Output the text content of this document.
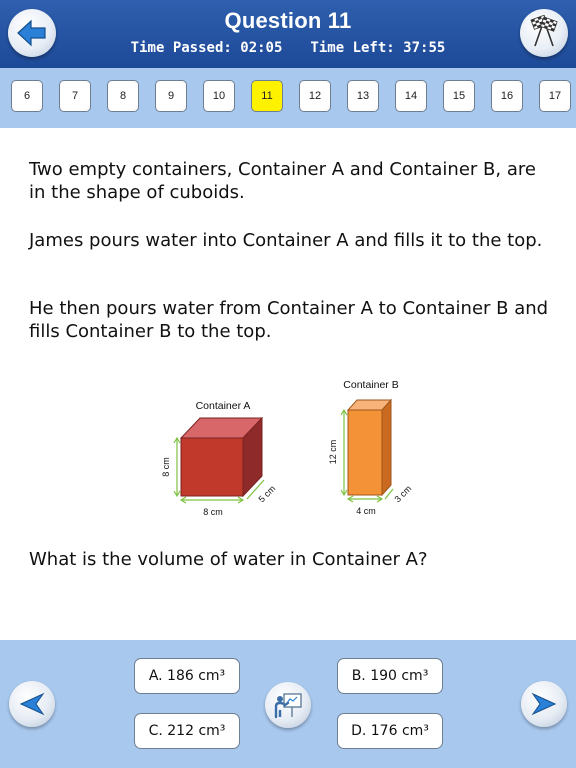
Question 11
Time Passed: 02:05 Time Left: 37:55
6	7	8	9	10	11	12	13	14	15	16	17
Two empty containers, Container A and Container B, are in the shape of cuboids.
James pours water into Container A and fills it to the top.
He then pours water from Container A to Container B and fills Container B to the top.
Container A
8 cm
8 cm
5 cm
Container B
12 cm
4 cm
3 cm
What is the volume of water in Container A?
A. 186 cm³	B. 190 cm³
C. 212 cm³	D. 176 cm³
